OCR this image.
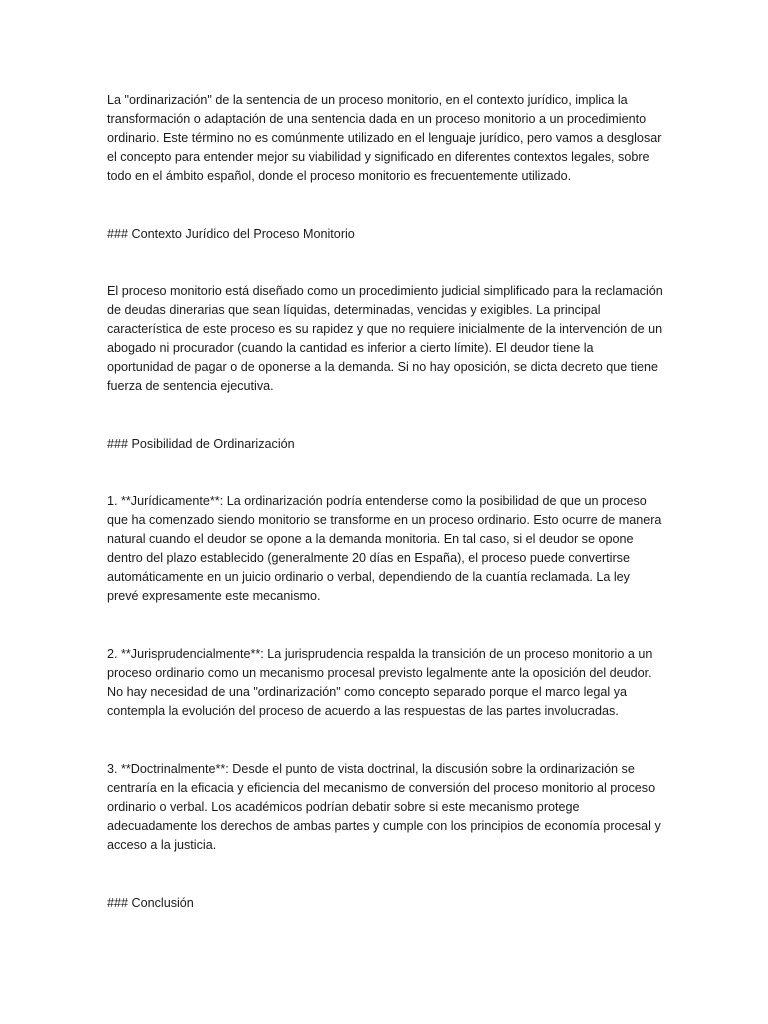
La "ordinarización" de la sentencia de un proceso monitorio, en el contexto jurídico, implica la transformación o adaptación de una sentencia dada en un proceso monitorio a un procedimiento ordinario. Este término no es comúnmente utilizado en el lenguaje jurídico, pero vamos a desglosar el concepto para entender mejor su viabilidad y significado en diferentes contextos legales, sobre todo en el ámbito español, donde el proceso monitorio es frecuentemente utilizado.

### Contexto Jurídico del Proceso Monitorio

El proceso monitorio está diseñado como un procedimiento judicial simplificado para la reclamación de deudas dinerarias que sean líquidas, determinadas, vencidas y exigibles. La principal característica de este proceso es su rapidez y que no requiere inicialmente de la intervención de un abogado ni procurador (cuando la cantidad es inferior a cierto límite). El deudor tiene la oportunidad de pagar o de oponerse a la demanda. Si no hay oposición, se dicta decreto que tiene fuerza de sentencia ejecutiva.

### Posibilidad de Ordinarización

1. **Jurídicamente**: La ordinarización podría entenderse como la posibilidad de que un proceso que ha comenzado siendo monitorio se transforme en un proceso ordinario. Esto ocurre de manera natural cuando el deudor se opone a la demanda monitoria. En tal caso, si el deudor se opone dentro del plazo establecido (generalmente 20 días en España), el proceso puede convertirse automáticamente en un juicio ordinario o verbal, dependiendo de la cuantía reclamada. La ley prevé expresamente este mecanismo.

2. **Jurisprudencialmente**: La jurisprudencia respalda la transición de un proceso monitorio a un proceso ordinario como un mecanismo procesal previsto legalmente ante la oposición del deudor. No hay necesidad de una "ordinarización" como concepto separado porque el marco legal ya contempla la evolución del proceso de acuerdo a las respuestas de las partes involucradas.

3. **Doctrinalmente**: Desde el punto de vista doctrinal, la discusión sobre la ordinarización se centraría en la eficacia y eficiencia del mecanismo de conversión del proceso monitorio al proceso ordinario o verbal. Los académicos podrían debatir sobre si este mecanismo protege adecuadamente los derechos de ambas partes y cumple con los principios de economía procesal y acceso a la justicia.

### Conclusión
